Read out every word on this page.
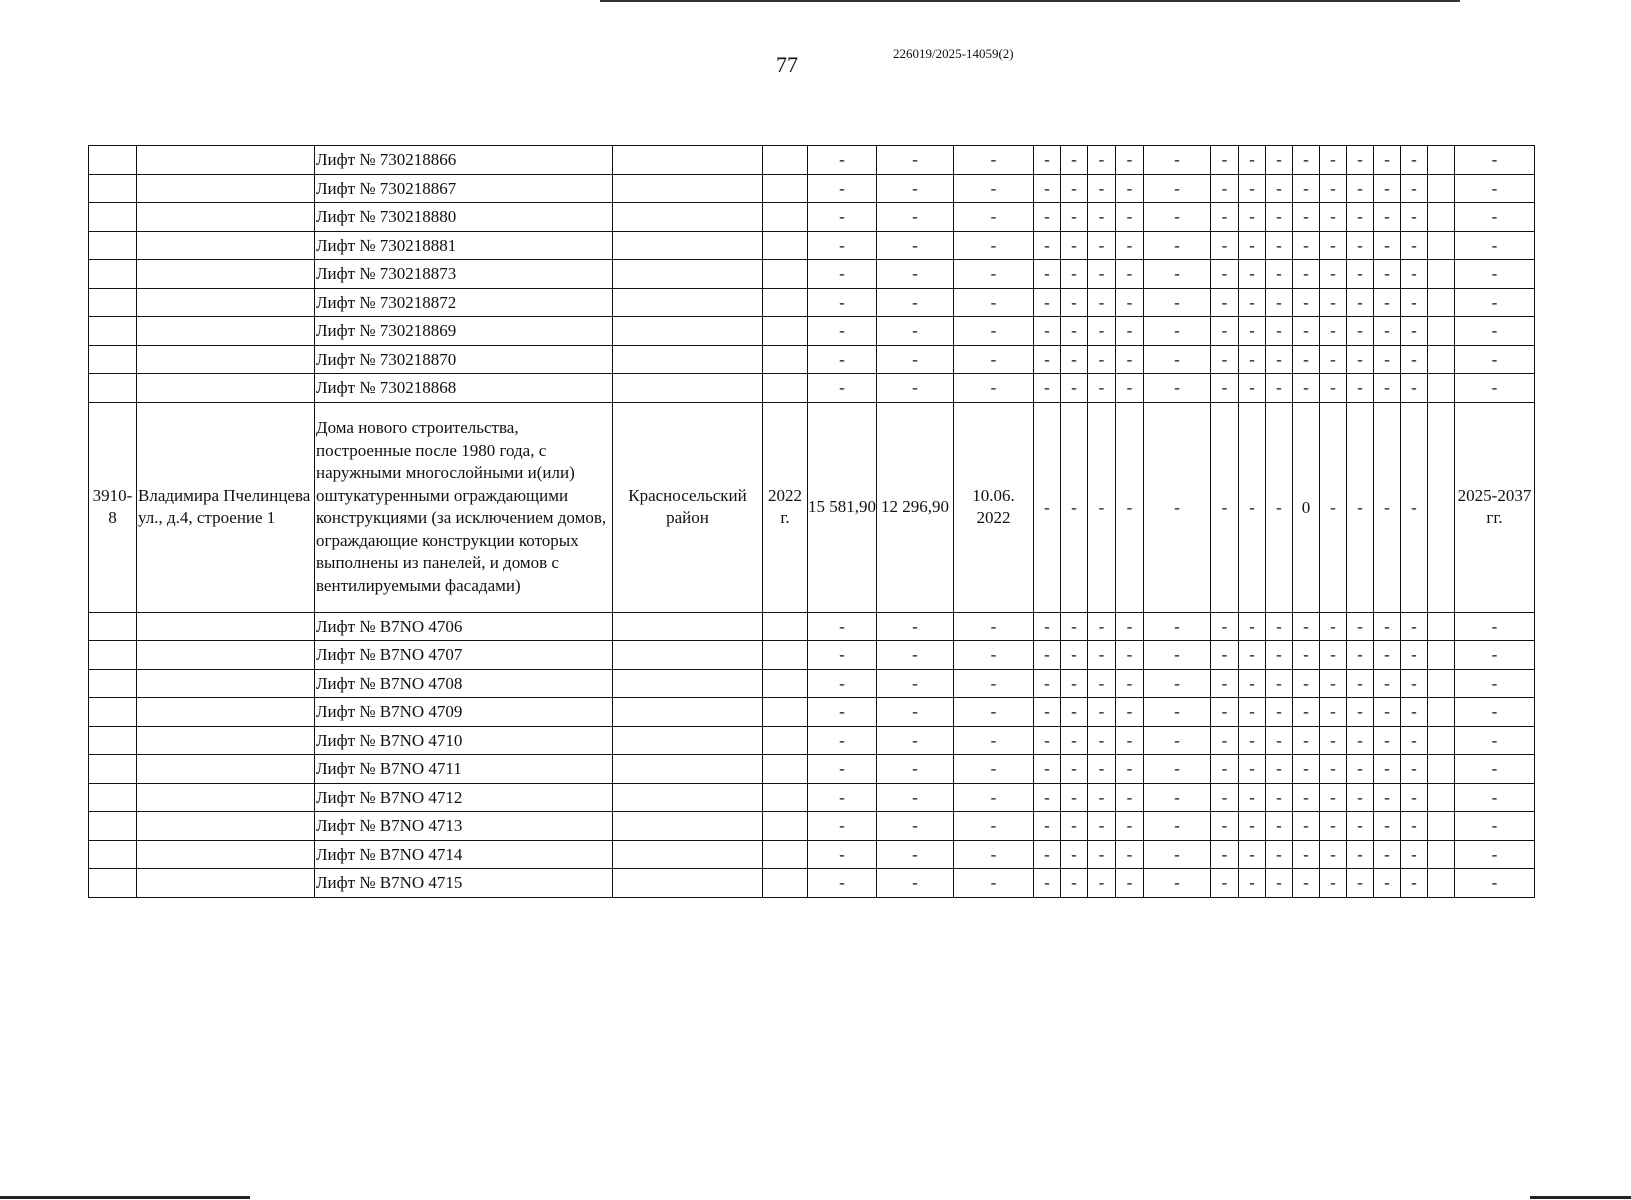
77	226019/2025-14059(2)
		Лифт № 730218866			-	-	-	-	-	-	-	-	-	-	-	-	-	-	-	-		-
		Лифт № 730218867			-	-	-	-	-	-	-	-	-	-	-	-	-	-	-	-		-
		Лифт № 730218880			-	-	-	-	-	-	-	-	-	-	-	-	-	-	-	-		-
		Лифт № 730218881			-	-	-	-	-	-	-	-	-	-	-	-	-	-	-	-		-
		Лифт № 730218873			-	-	-	-	-	-	-	-	-	-	-	-	-	-	-	-		-
		Лифт № 730218872			-	-	-	-	-	-	-	-	-	-	-	-	-	-	-	-		-
		Лифт № 730218869			-	-	-	-	-	-	-	-	-	-	-	-	-	-	-	-		-
		Лифт № 730218870			-	-	-	-	-	-	-	-	-	-	-	-	-	-	-	-		-
		Лифт № 730218868			-	-	-	-	-	-	-	-	-	-	-	-	-	-	-	-		-
3910-8	Владимира Пчелинцева ул., д.4, строение 1	Дома нового строительства, построенные после 1980 года, с наружными многослойными и(или) оштукатуренными ограждающими конструкциями (за исключением домов, ограждающие конструкции которых выполнены из панелей, и домов с вентилируемыми фасадами)	Красносельский район	2022 г.	15 581,90	12 296,90	10.06. 2022	-	-	-	-	-	-	-	-	0	-	-	-	-		2025-2037 гг.
		Лифт № B7NO 4706			-	-	-	-	-	-	-	-	-	-	-	-	-	-	-	-		-
		Лифт № B7NO 4707			-	-	-	-	-	-	-	-	-	-	-	-	-	-	-	-		-
		Лифт № B7NO 4708			-	-	-	-	-	-	-	-	-	-	-	-	-	-	-	-		-
		Лифт № B7NO 4709			-	-	-	-	-	-	-	-	-	-	-	-	-	-	-	-		-
		Лифт № B7NO 4710			-	-	-	-	-	-	-	-	-	-	-	-	-	-	-	-		-
		Лифт № B7NO 4711			-	-	-	-	-	-	-	-	-	-	-	-	-	-	-	-		-
		Лифт № B7NO 4712			-	-	-	-	-	-	-	-	-	-	-	-	-	-	-	-		-
		Лифт № B7NO 4713			-	-	-	-	-	-	-	-	-	-	-	-	-	-	-	-		-
		Лифт № B7NO 4714			-	-	-	-	-	-	-	-	-	-	-	-	-	-	-	-		-
		Лифт № B7NO 4715			-	-	-	-	-	-	-	-	-	-	-	-	-	-	-	-		-
